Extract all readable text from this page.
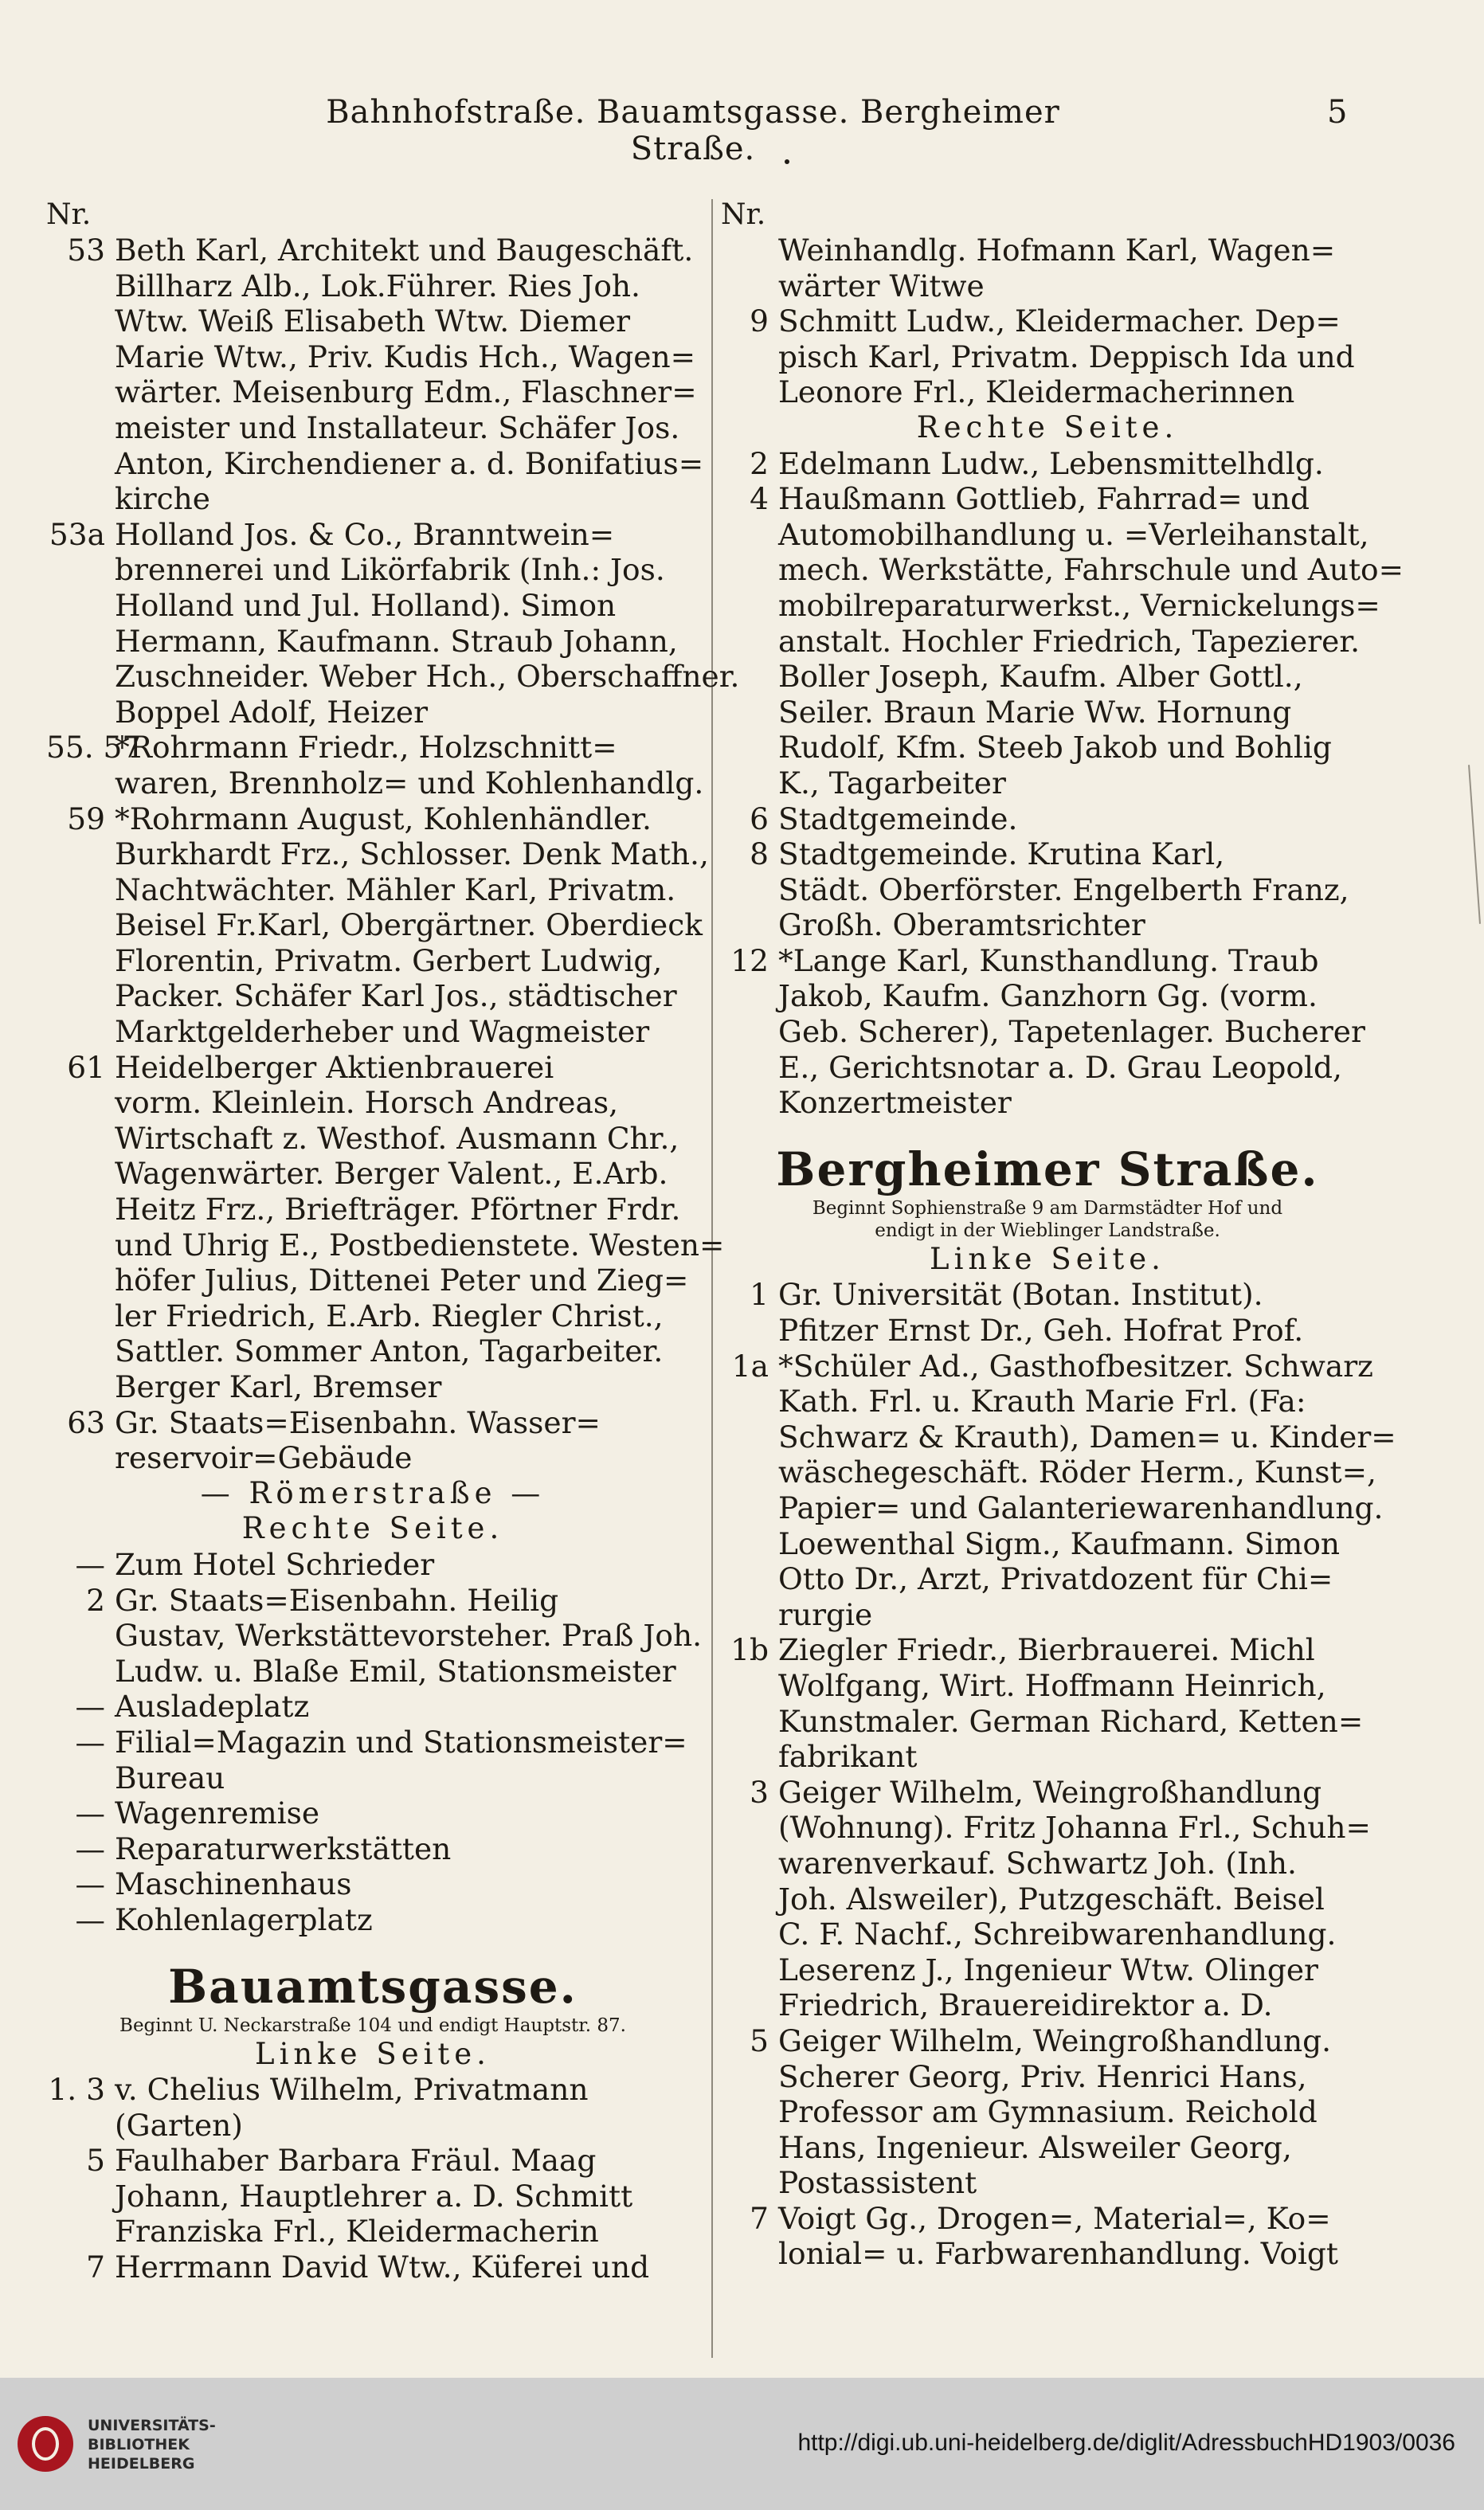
Bahnhofstraße. Bauamtsgasse. Bergheimer Straße.
5
Nr.
53 Beth Karl, Architekt und Baugeschäft.
Billharz Alb., Lok.Führer. Ries Joh.
Wtw. Weiß Elisabeth Wtw. Diemer
Marie Wtw., Priv. Kudis Hch., Wagen=
wärter. Meisenburg Edm., Flaschner=
meister und Installateur. Schäfer Jos.
Anton, Kirchendiener a. d. Bonifatius=
kirche
53a Holland Jos. & Co., Branntwein=
brennerei und Likörfabrik (Inh.: Jos.
Holland und Jul. Holland). Simon
Hermann, Kaufmann. Straub Johann,
Zuschneider. Weber Hch., Oberschaffner.
Boppel Adolf, Heizer
55. 57
*Rohrmann Friedr., Holzschnitt=
waren, Brennholz= und Kohlenhandlg.
59 *Rohrmann August, Kohlenhändler.
Burkhardt Frz., Schlosser. Denk Math.,
Nachtwächter. Mähler Karl, Privatm.
Beisel Fr.Karl, Obergärtner. Oberdieck
Florentin, Privatm. Gerbert Ludwig,
Packer. Schäfer Karl Jos., städtischer
Marktgelderheber und Wagmeister
61 Heidelberger Aktienbrauerei
vorm. Kleinlein. Horsch Andreas,
Wirtschaft z. Westhof. Ausmann Chr.,
Wagenwärter. Berger Valent., E.Arb.
Heitz Frz., Briefträger. Pförtner Frdr.
und Uhrig E., Postbedienstete. Westen=
höfer Julius, Dittenei Peter und Zieg=
ler Friedrich, E.Arb. Riegler Christ.,
Sattler. Sommer Anton, Tagarbeiter.
Berger Karl, Bremser
63 Gr. Staats=Eisenbahn. Wasser=
reservoir=Gebäude
— Römerstraße —
Rechte Seite.
— Zum Hotel Schrieder
2 Gr. Staats=Eisenbahn. Heilig
Gustav, Werkstättevorsteher. Praß Joh.
Ludw. u. Blaße Emil, Stationsmeister
— Ausladeplatz
— Filial=Magazin und Stationsmeister=
Bureau
— Wagenremise
— Reparaturwerkstätten
— Maschinenhaus
— Kohlenlagerplatz
Bauamtsgasse.
Beginnt U. Neckarstraße 104 und endigt Hauptstr. 87.
Linke Seite.
1. 3 v. Chelius Wilhelm, Privatmann
(Garten)
5 Faulhaber Barbara Fräul. Maag
Johann, Hauptlehrer a. D. Schmitt
Franziska Frl., Kleidermacherin
7 Herrmann David Wtw., Küferei und
Nr.
Weinhandlg. Hofmann Karl, Wagen=
wärter Witwe
9 Schmitt Ludw., Kleidermacher. Dep=
pisch Karl, Privatm. Deppisch Ida und
Leonore Frl., Kleidermacherinnen
Rechte Seite.
2 Edelmann Ludw., Lebensmittelhdlg.
4 Haußmann Gottlieb, Fahrrad= und
Automobilhandlung u. =Verleihanstalt,
mech. Werkstätte, Fahrschule und Auto=
mobilreparaturwerkst., Vernickelungs=
anstalt. Hochler Friedrich, Tapezierer.
Boller Joseph, Kaufm. Alber Gottl.,
Seiler. Braun Marie Ww. Hornung
Rudolf, Kfm. Steeb Jakob und Bohlig
K., Tagarbeiter
6 Stadtgemeinde.
8 Stadtgemeinde. Krutina Karl,
Städt. Oberförster. Engelberth Franz,
Großh. Oberamtsrichter
12 *Lange Karl, Kunsthandlung. Traub
Jakob, Kaufm. Ganzhorn Gg. (vorm.
Geb. Scherer), Tapetenlager. Bucherer
E., Gerichtsnotar a. D. Grau Leopold,
Konzertmeister
Bergheimer Straße.
Beginnt Sophienstraße 9 am Darmstädter Hof und
endigt in der Wieblinger Landstraße.
Linke Seite.
1 Gr. Universität (Botan. Institut).
Pfitzer Ernst Dr., Geh. Hofrat Prof.
1a *Schüler Ad., Gasthofbesitzer. Schwarz
Kath. Frl. u. Krauth Marie Frl. (Fa:
Schwarz & Krauth), Damen= u. Kinder=
wäschegeschäft. Röder Herm., Kunst=,
Papier= und Galanteriewarenhandlung.
Loewenthal Sigm., Kaufmann. Simon
Otto Dr., Arzt, Privatdozent für Chi=
rurgie
1b Ziegler Friedr., Bierbrauerei. Michl
Wolfgang, Wirt. Hoffmann Heinrich,
Kunstmaler. German Richard, Ketten=
fabrikant
3 Geiger Wilhelm, Weingroßhandlung
(Wohnung). Fritz Johanna Frl., Schuh=
warenverkauf. Schwartz Joh. (Inh.
Joh. Alsweiler), Putzgeschäft. Beisel
C. F. Nachf., Schreibwarenhandlung.
Leserenz J., Ingenieur Wtw. Olinger
Friedrich, Brauereidirektor a. D.
5 Geiger Wilhelm, Weingroßhandlung.
Scherer Georg, Priv. Henrici Hans,
Professor am Gymnasium. Reichold
Hans, Ingenieur. Alsweiler Georg,
Postassistent
7 Voigt Gg., Drogen=, Material=, Ko=
lonial= u. Farbwarenhandlung. Voigt
UNIVERSITÄTS-
BIBLIOTHEK
HEIDELBERG
http://digi.ub.uni-heidelberg.de/diglit/AdressbuchHD1903/0036
